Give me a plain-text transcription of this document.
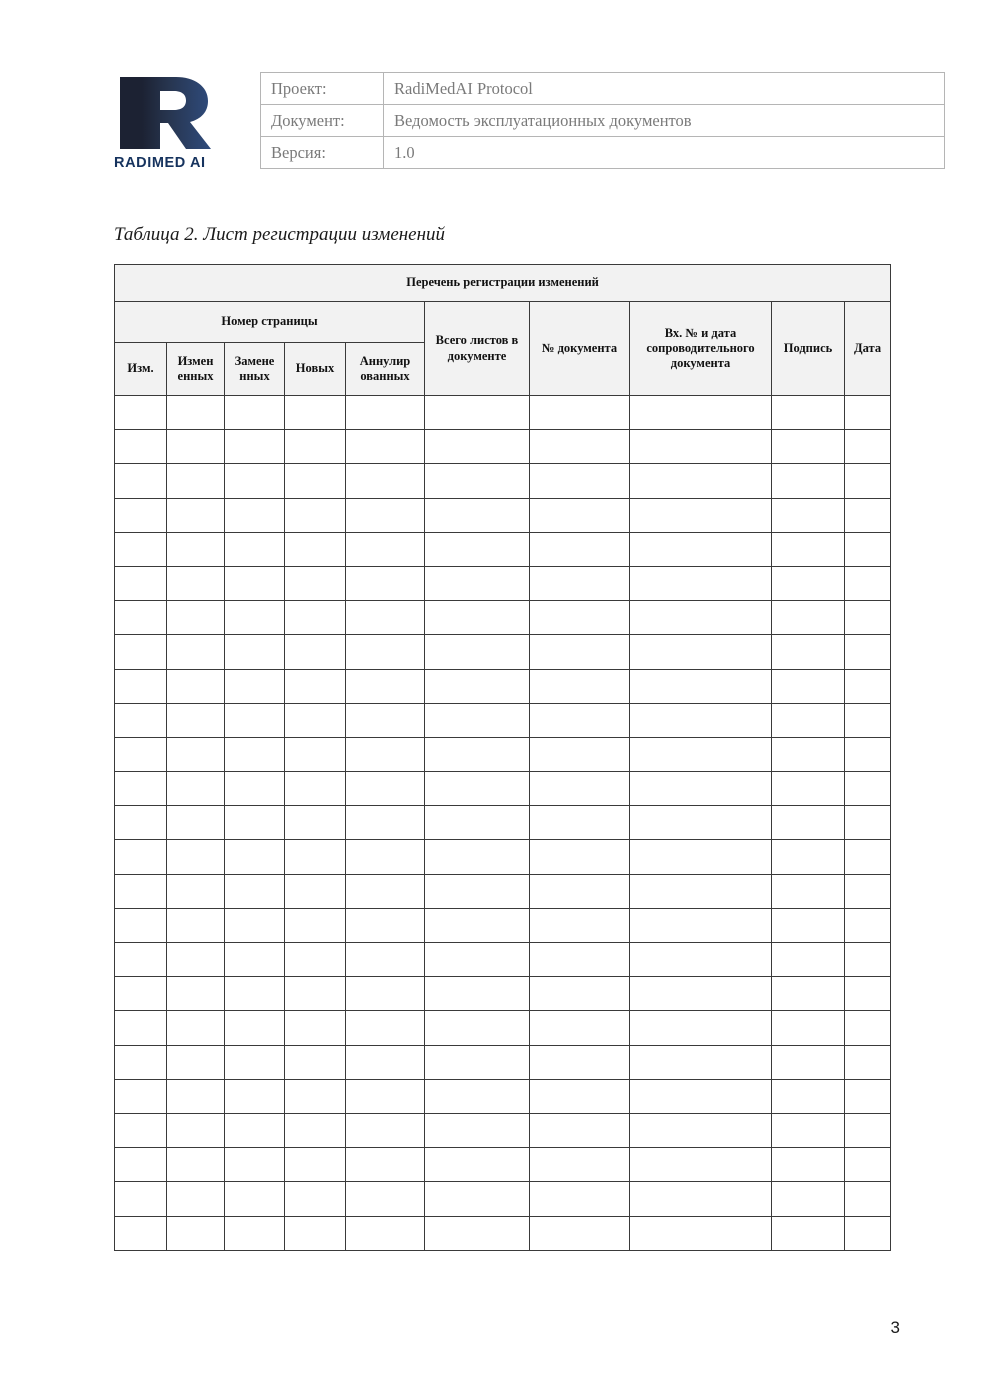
RADIMED AI
Проект:	RadiMedAI Protocol
Документ:	Ведомость эксплуатационных документов
Версия:	1.0
Таблица 2. Лист регистрации изменений
Перечень регистрации изменений									
Номер страницы					Всего листов в документе	№ документа	Вх. № и дата сопроводительного документа	Подпись	Дата
Изм.	Измен енных	Замене нных	Новых	Аннулир ованных					

3
